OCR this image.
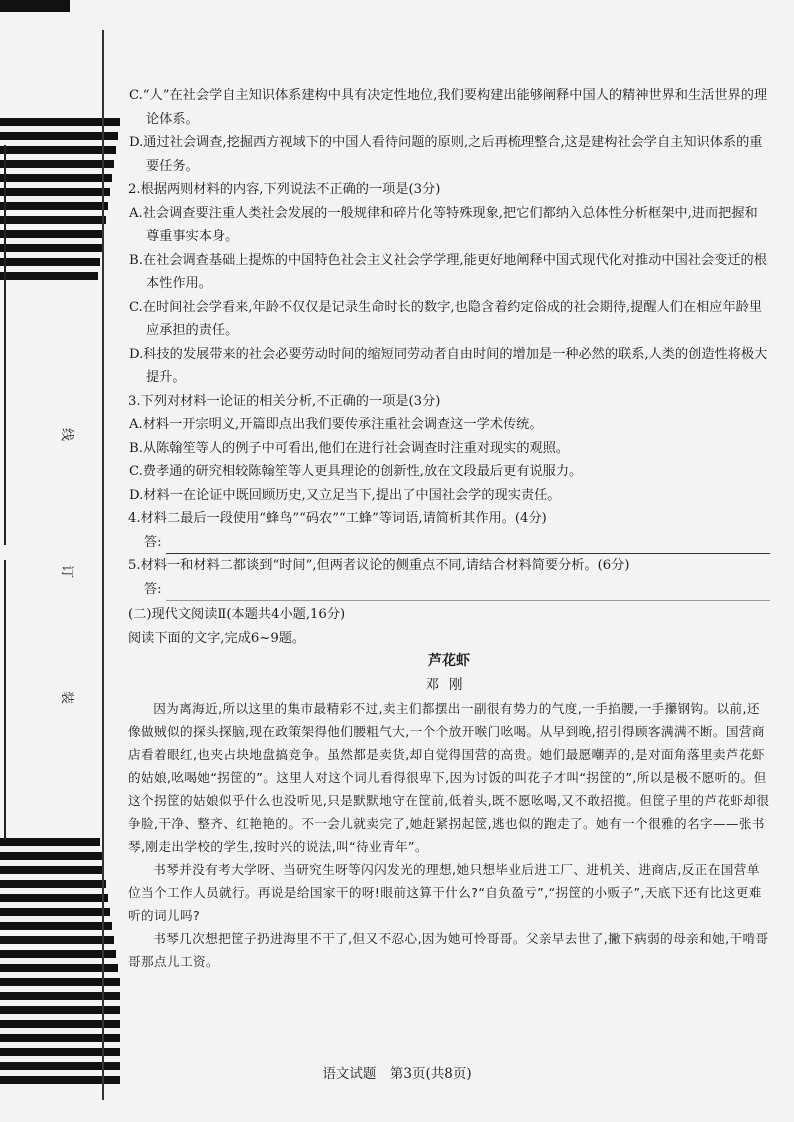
线
订
装

C.“人”在社会学自主知识体系建构中具有决定性地位,我们要构建出能够阐释中国人的精神世界和生活世界的理论体系。

D.通过社会调查,挖掘西方视域下的中国人看待问题的原则,之后再梳理整合,这是建构社会学自主知识体系的重要任务。

2.根据两则材料的内容,下列说法不正确的一项是(3分)

A.社会调查要注重人类社会发展的一般规律和碎片化等特殊现象,把它们都纳入总体性分析框架中,进而把握和尊重事实本身。

B.在社会调查基础上提炼的中国特色社会主义社会学学理,能更好地阐释中国式现代化对推动中国社会变迁的根本性作用。

C.在时间社会学看来,年龄不仅仅是记录生命时长的数字,也隐含着约定俗成的社会期待,提醒人们在相应年龄里应承担的责任。

D.科技的发展带来的社会必要劳动时间的缩短同劳动者自由时间的增加是一种必然的联系,人类的创造性将极大提升。

3.下列对材料一论证的相关分析,不正确的一项是(3分)

A.材料一开宗明义,开篇即点出我们要传承注重社会调查这一学术传统。

B.从陈翰笙等人的例子中可看出,他们在进行社会调查时注重对现实的观照。

C.费孝通的研究相较陈翰笙等人更具理论的创新性,放在文段最后更有说服力。

D.材料一在论证中既回顾历史,又立足当下,提出了中国社会学的现实责任。

4.材料二最后一段使用“蜂鸟”“码农”“工蜂”等词语,请简析其作用。(4分)

答:

5.材料一和材料二都谈到“时间”,但两者议论的侧重点不同,请结合材料简要分析。(6分)

答:

(二)现代文阅读Ⅱ(本题共4小题,16分)

阅读下面的文字,完成6~9题。

芦花虾

邓刚

因为离海近,所以这里的集市最精彩不过,卖主们都摆出一副很有势力的气度,一手掐腰,一手攥钢钩。以前,还像做贼似的探头探脑,现在政策架得他们腰粗气大,一个个放开喉门吆喝。从早到晚,招引得顾客满满不断。国营商店看着眼红,也夹占块地盘搞竞争。虽然都是卖货,却自觉得国营的高贵。她们最愿嘲弄的,是对面角落里卖芦花虾的姑娘,吆喝她“拐筐的”。这里人对这个词儿看得很卑下,因为讨饭的叫花子才叫“拐筐的”,所以是极不愿听的。但这个拐筐的姑娘似乎什么也没听见,只是默默地守在筐前,低着头,既不愿吆喝,又不敢招揽。但筐子里的芦花虾却很争脸,干净、整齐、红艳艳的。不一会儿就卖完了,她赶紧拐起筐,逃也似的跑走了。她有一个很雅的名字——张书琴,刚走出学校的学生,按时兴的说法,叫“待业青年”。

书琴并没有考大学呀、当研究生呀等闪闪发光的理想,她只想毕业后进工厂、进机关、进商店,反正在国营单位当个工作人员就行。再说是给国家干的呀!眼前这算干什么?“自负盈亏”,“拐筐的小贩子”,天底下还有比这更难听的词儿吗?

书琴几次想把筐子扔进海里不干了,但又不忍心,因为她可怜哥哥。父亲早去世了,撇下病弱的母亲和她,干啃哥哥那点儿工资。

语文试题　第3页(共8页)
